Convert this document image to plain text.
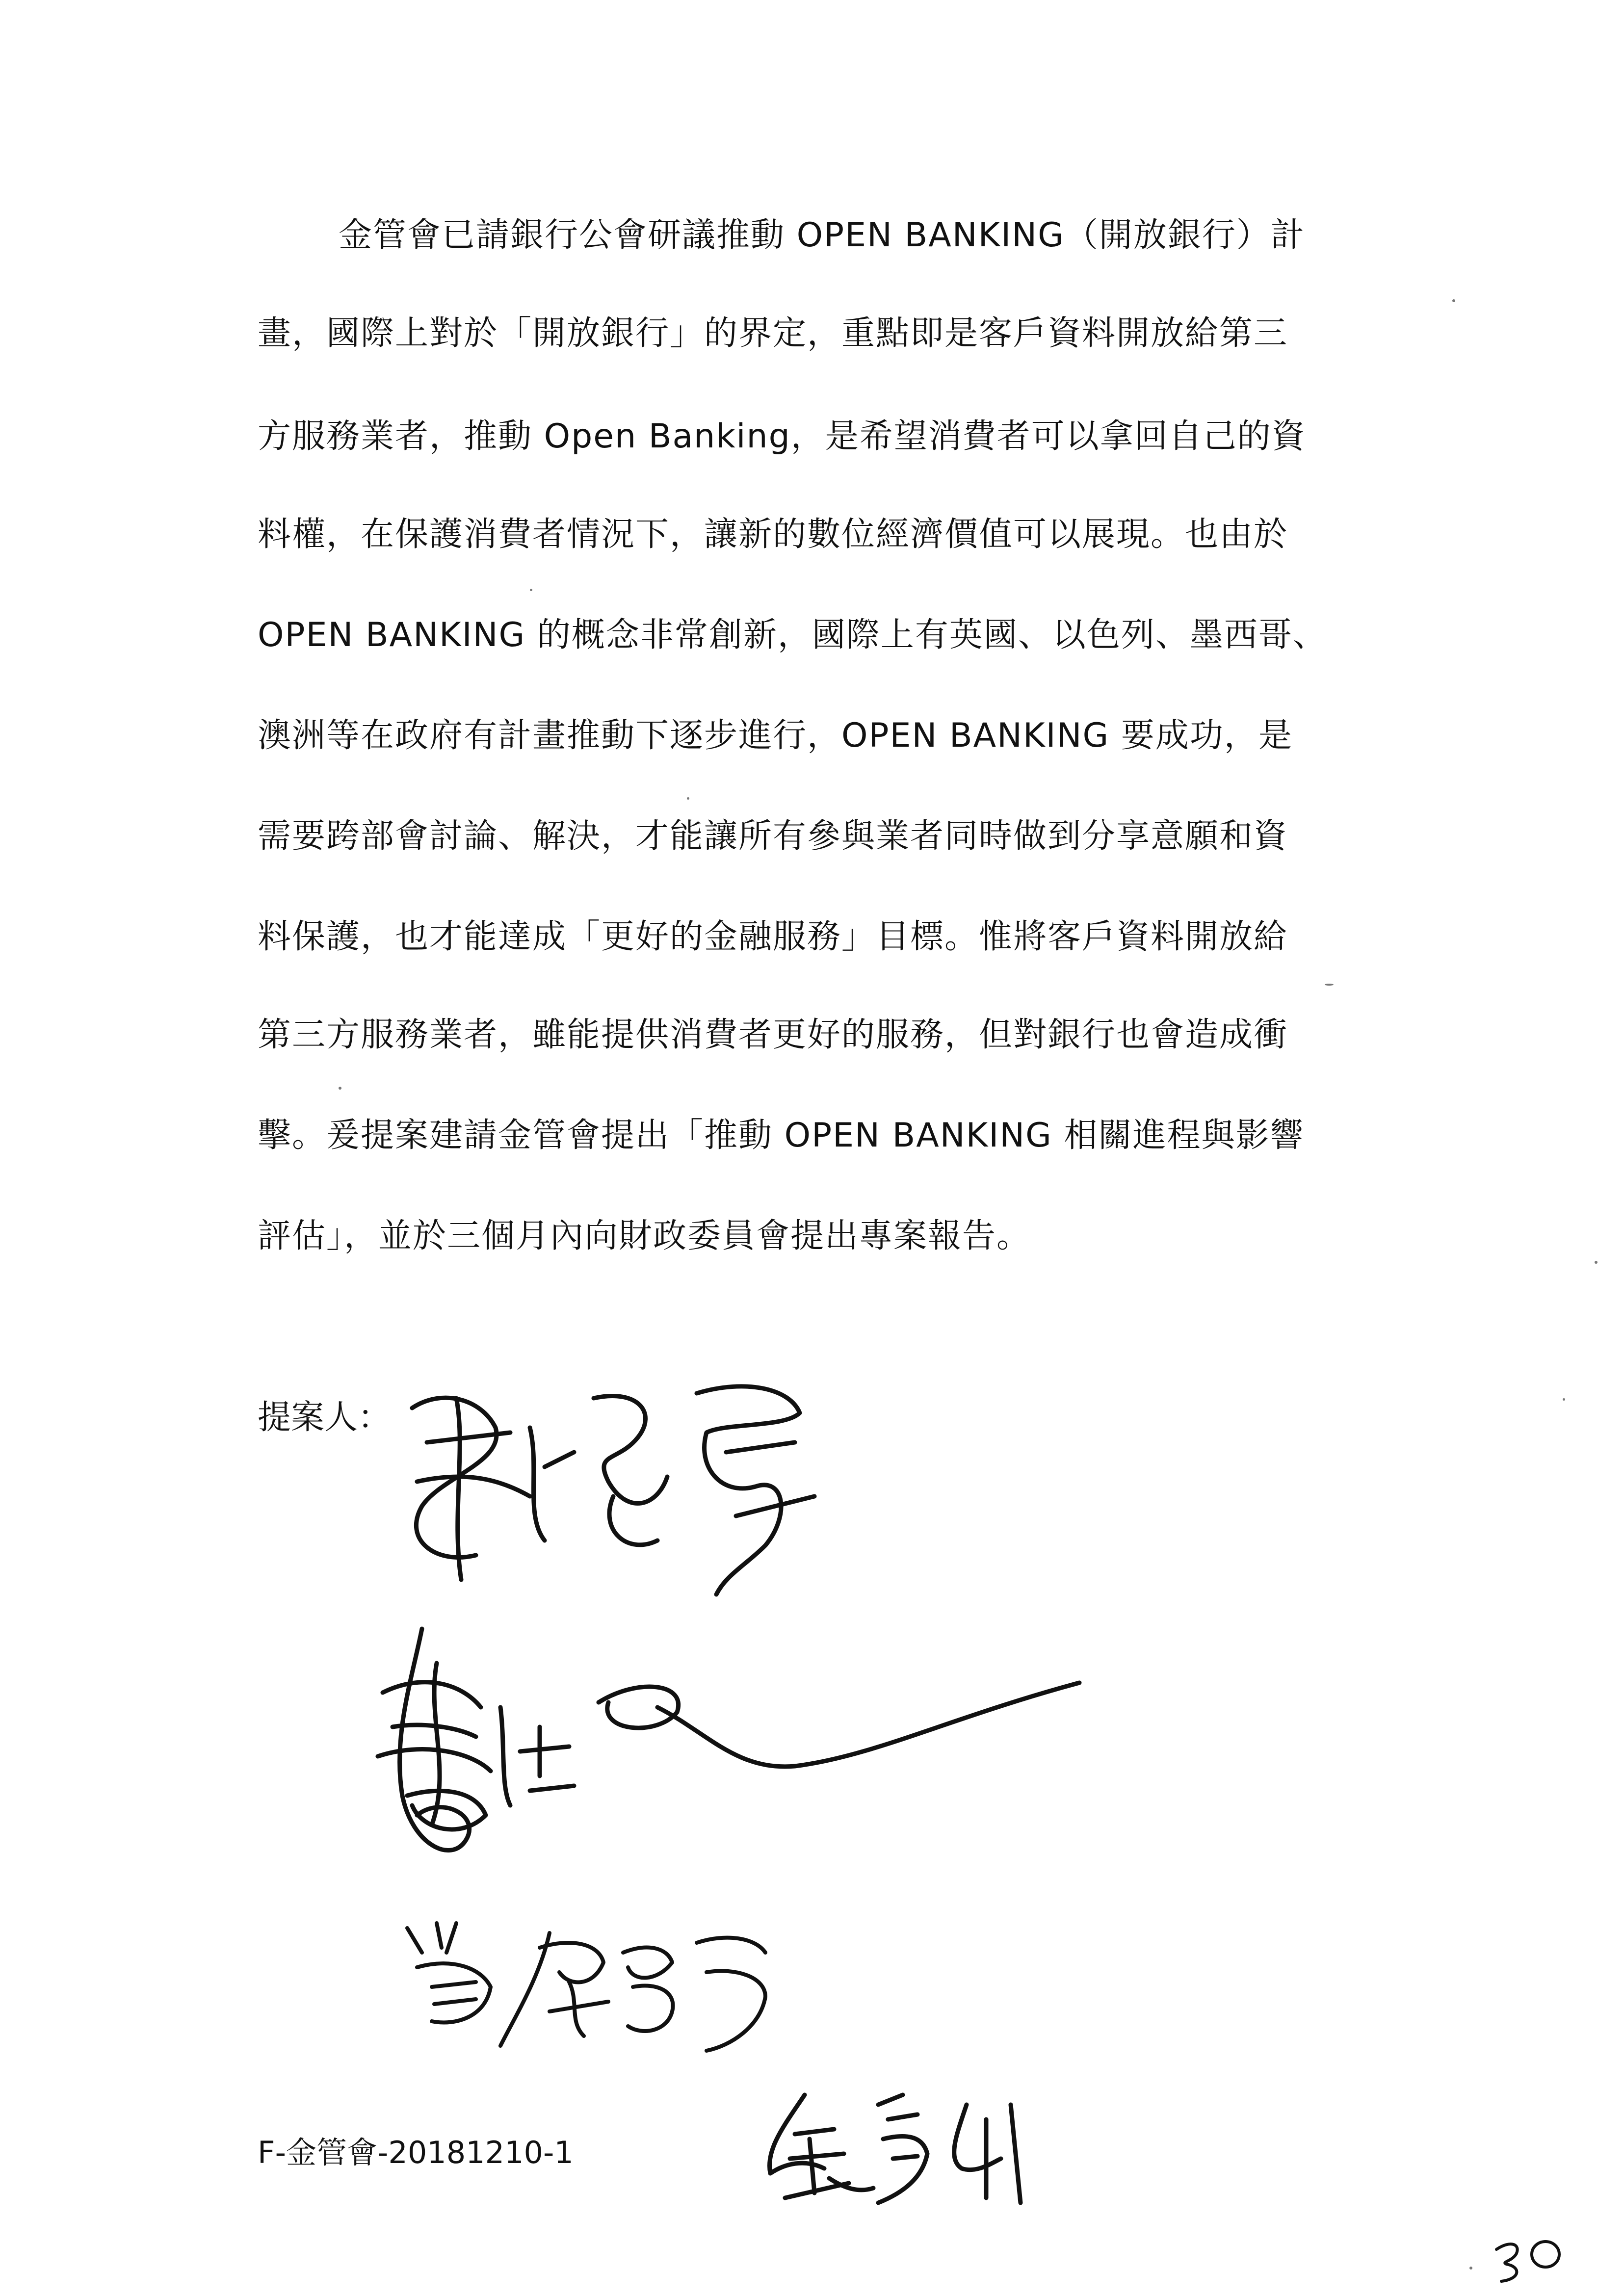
金管會已請銀行公會研議推動 OPEN BANKING（開放銀行）計
畫，國際上對於「開放銀行」的界定，重點即是客戶資料開放給第三
方服務業者，推動 Open Banking，是希望消費者可以拿回自己的資
料權，在保護消費者情況下，讓新的數位經濟價值可以展現。也由於
OPEN BANKING 的概念非常創新，國際上有英國、以色列、墨西哥、
澳洲等在政府有計畫推動下逐步進行，OPEN BANKING 要成功，是
需要跨部會討論、解決，才能讓所有參與業者同時做到分享意願和資
料保護，也才能達成「更好的金融服務」目標。惟將客戶資料開放給
第三方服務業者，雖能提供消費者更好的服務，但對銀行也會造成衝
擊。爰提案建請金管會提出「推動 OPEN BANKING 相關進程與影響
評估」，並於三個月內向財政委員會提出專案報告。
提案人：
F-金管會-20181210-1
